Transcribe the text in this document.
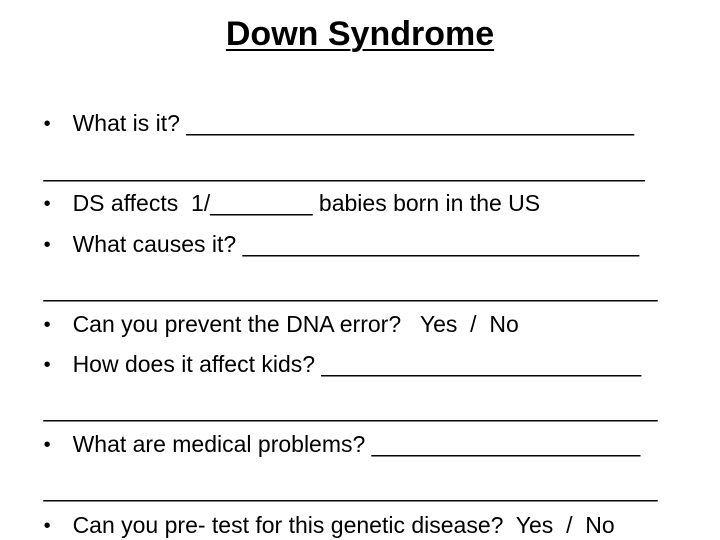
Down Syndrome

• What is it? ___________________________________

_______________________________________________

• DS affects  1/________ babies born in the US

• What causes it? _______________________________

________________________________________________

• Can you prevent the DNA error?   Yes  /  No

• How does it affect kids? _________________________

________________________________________________

• What are medical problems? _____________________

________________________________________________

• Can you pre- test for this genetic disease?  Yes  /  No
